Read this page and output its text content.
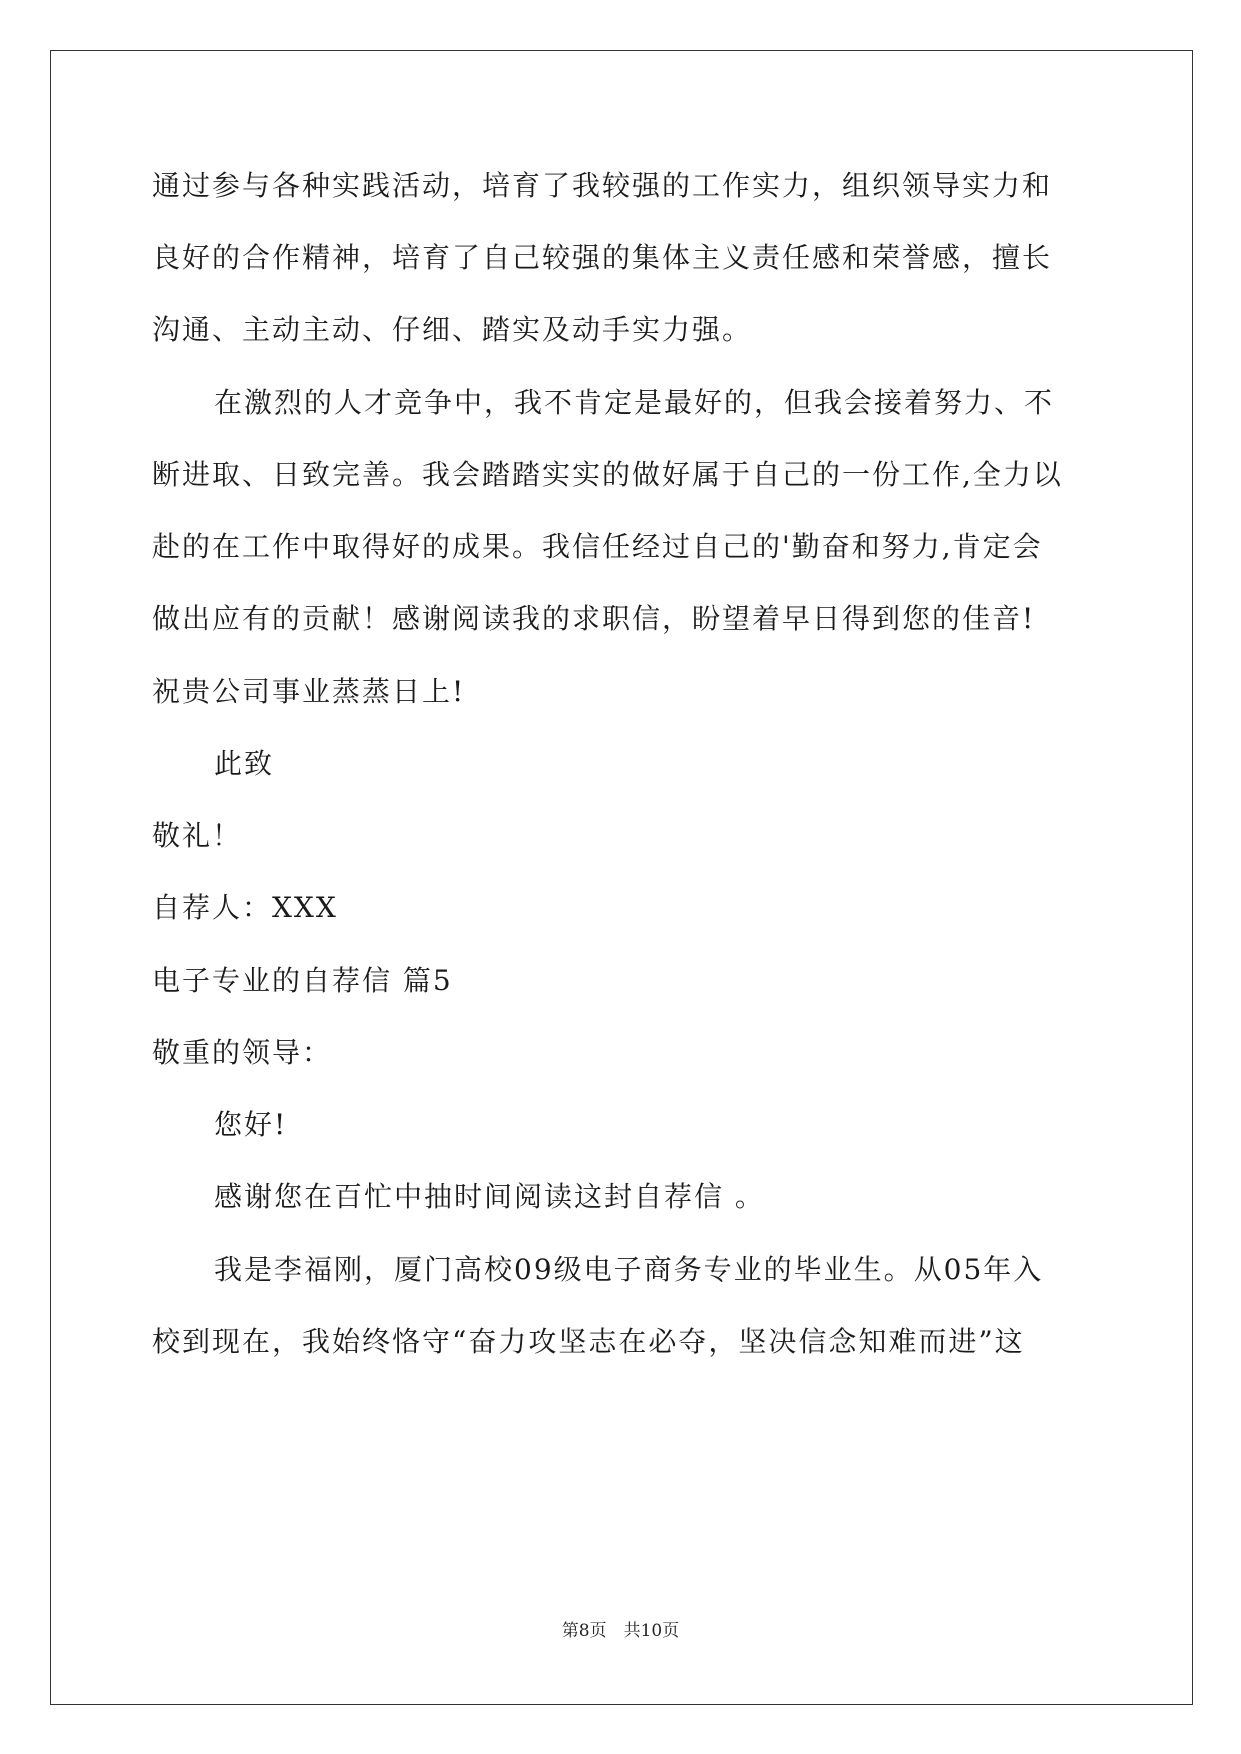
通过参与各种实践活动，培育了我较强的工作实力，组织领导实力和
良好的合作精神，培育了自己较强的集体主义责任感和荣誉感，擅长
沟通、主动主动、仔细、踏实及动手实力强。
在激烈的人才竞争中，我不肯定是最好的，但我会接着努力、不
断进取、日致完善。我会踏踏实实的做好属于自己的一份工作,全力以
赴的在工作中取得好的成果。我信任经过自己的'勤奋和努力,肯定会
做出应有的贡献！感谢阅读我的求职信，盼望着早日得到您的佳音!
祝贵公司事业蒸蒸日上!
此致
敬礼！
自荐人：XXX
电子专业的自荐信 篇5
敬重的领导：
您好!
感谢您在百忙中抽时间阅读这封自荐信 。
我是李福刚，厦门高校09级电子商务专业的毕业生。从05年入
校到现在，我始终恪守“奋力攻坚志在必夺，坚决信念知难而进”这
第8页　共10页
